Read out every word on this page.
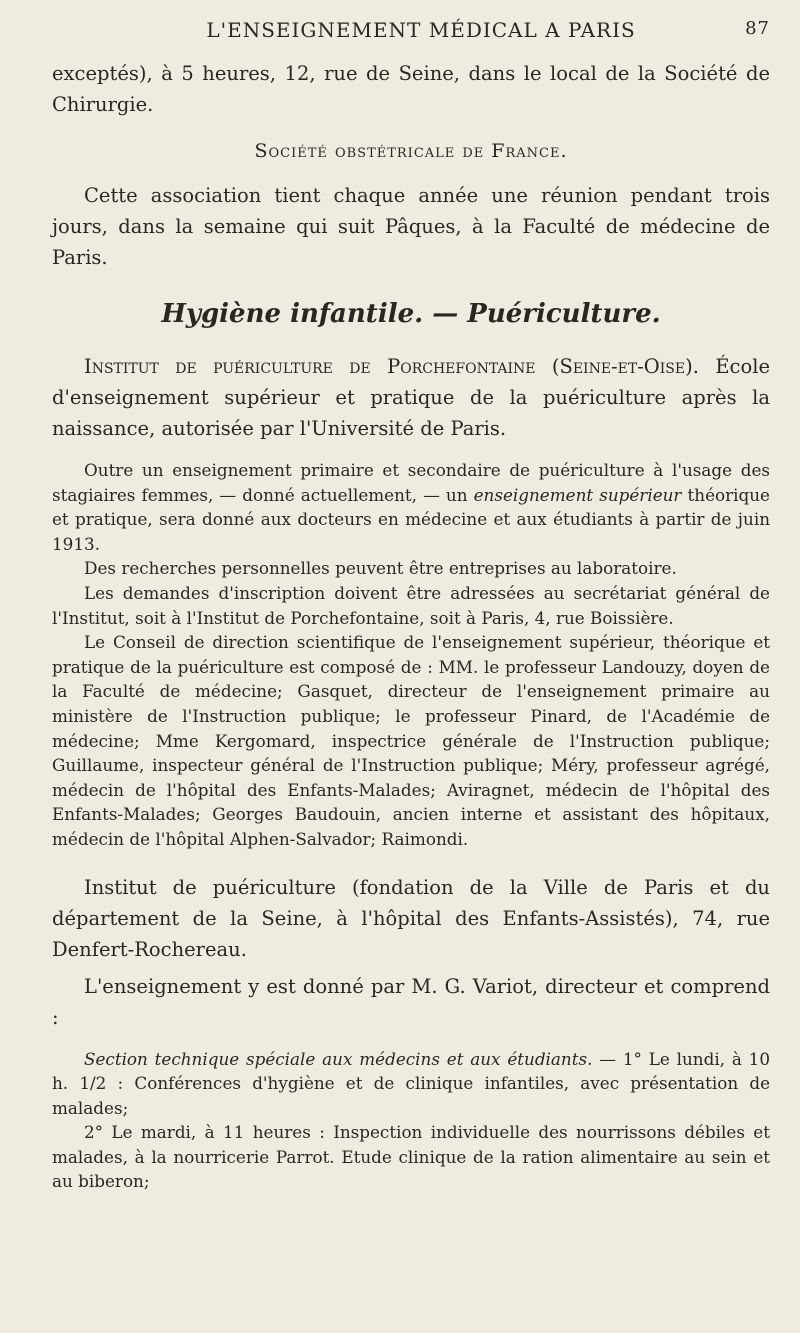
L'ENSEIGNEMENT MÉDICAL A PARIS	87

exceptés), à 5 heures, 12, rue de Seine, dans le local de la Société de Chirurgie.

Société obstétricale de France.

Cette association tient chaque année une réunion pendant trois jours, dans la semaine qui suit Pâques, à la Faculté de médecine de Paris.

Hygiène infantile. — Puériculture.

Institut de puériculture de Porchefontaine (Seine-et-Oise). École d'enseignement supérieur et pratique de la puériculture après la naissance, autorisée par l'Université de Paris.

Outre un enseignement primaire et secondaire de puériculture à l'usage des stagiaires femmes, — donné actuellement, — un enseignement supérieur théorique et pratique, sera donné aux docteurs en médecine et aux étudiants à partir de juin 1913.

Des recherches personnelles peuvent être entreprises au laboratoire.

Les demandes d'inscription doivent être adressées au secrétariat général de l'Institut, soit à l'Institut de Porchefontaine, soit à Paris, 4, rue Boissière.

Le Conseil de direction scientifique de l'enseignement supérieur, théorique et pratique de la puériculture est composé de : MM. le professeur Landouzy, doyen de la Faculté de médecine; Gasquet, directeur de l'enseignement primaire au ministère de l'Instruction publique; le professeur Pinard, de l'Académie de médecine; Mme Kergomard, inspectrice générale de l'Instruction publique; Guillaume, inspecteur général de l'Instruction publique; Méry, professeur agrégé, médecin de l'hôpital des Enfants-Malades; Aviragnet, médecin de l'hôpital des Enfants-Malades; Georges Baudouin, ancien interne et assistant des hôpitaux, médecin de l'hôpital Alphen-Salvador; Raimondi.

Institut de puériculture (fondation de la Ville de Paris et du département de la Seine, à l'hôpital des Enfants-Assistés), 74, rue Denfert-Rochereau.

L'enseignement y est donné par M. G. Variot, directeur et comprend :

Section technique spéciale aux médecins et aux étudiants. — 1° Le lundi, à 10 h. 1/2 : Conférences d'hygiène et de clinique infantiles, avec présentation de malades;

2° Le mardi, à 11 heures : Inspection individuelle des nourrissons débiles et malades, à la nourricerie Parrot. Etude clinique de la ration alimentaire au sein et au biberon;
